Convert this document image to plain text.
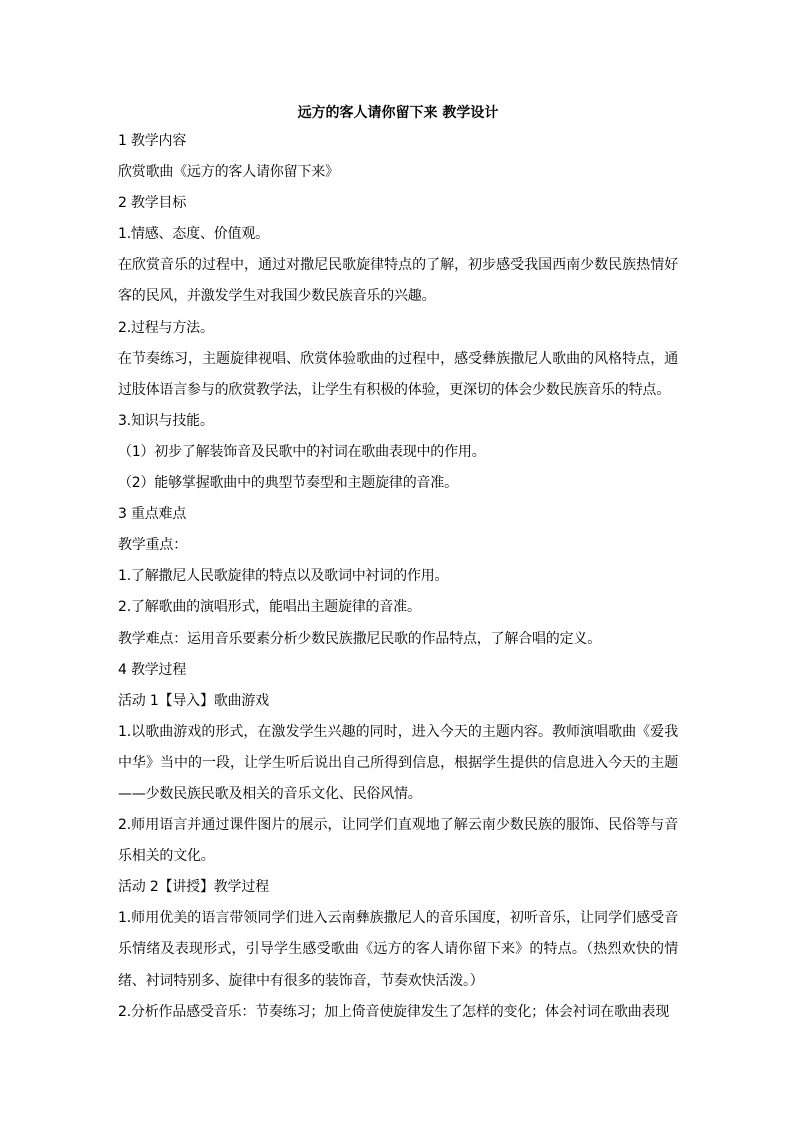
远方的客人请你留下来 教学设计
1 教学内容
欣赏歌曲《远方的客人请你留下来》
2 教学目标
1.情感、态度、价值观。
在欣赏音乐的过程中，通过对撒尼民歌旋律特点的了解，初步感受我国西南少数民族热情好客的民风，并激发学生对我国少数民族音乐的兴趣。
2.过程与方法。
在节奏练习，主题旋律视唱、欣赏体验歌曲的过程中，感受彝族撒尼人歌曲的风格特点，通过肢体语言参与的欣赏教学法，让学生有积极的体验，更深切的体会少数民族音乐的特点。
3.知识与技能。
（1）初步了解装饰音及民歌中的衬词在歌曲表现中的作用。
（2）能够掌握歌曲中的典型节奏型和主题旋律的音准。
3 重点难点
教学重点：
1.了解撒尼人民歌旋律的特点以及歌词中衬词的作用。
2.了解歌曲的演唱形式，能唱出主题旋律的音准。
教学难点：运用音乐要素分析少数民族撒尼民歌的作品特点，了解合唱的定义。
4 教学过程
活动 1【导入】歌曲游戏
1.以歌曲游戏的形式，在激发学生兴趣的同时，进入今天的主题内容。教师演唱歌曲《爱我中华》当中的一段，让学生听后说出自己所得到信息，根据学生提供的信息进入今天的主题——少数民族民歌及相关的音乐文化、民俗风情。
2.师用语言并通过课件图片的展示，让同学们直观地了解云南少数民族的服饰、民俗等与音乐相关的文化。
活动 2【讲授】教学过程
1.师用优美的语言带领同学们进入云南彝族撒尼人的音乐国度，初听音乐，让同学们感受音乐情绪及表现形式，引导学生感受歌曲《远方的客人请你留下来》的特点。（热烈欢快的情绪、衬词特别多、旋律中有很多的装饰音，节奏欢快活泼。）
2.分析作品感受音乐：节奏练习；加上倚音使旋律发生了怎样的变化；体会衬词在歌曲表现
